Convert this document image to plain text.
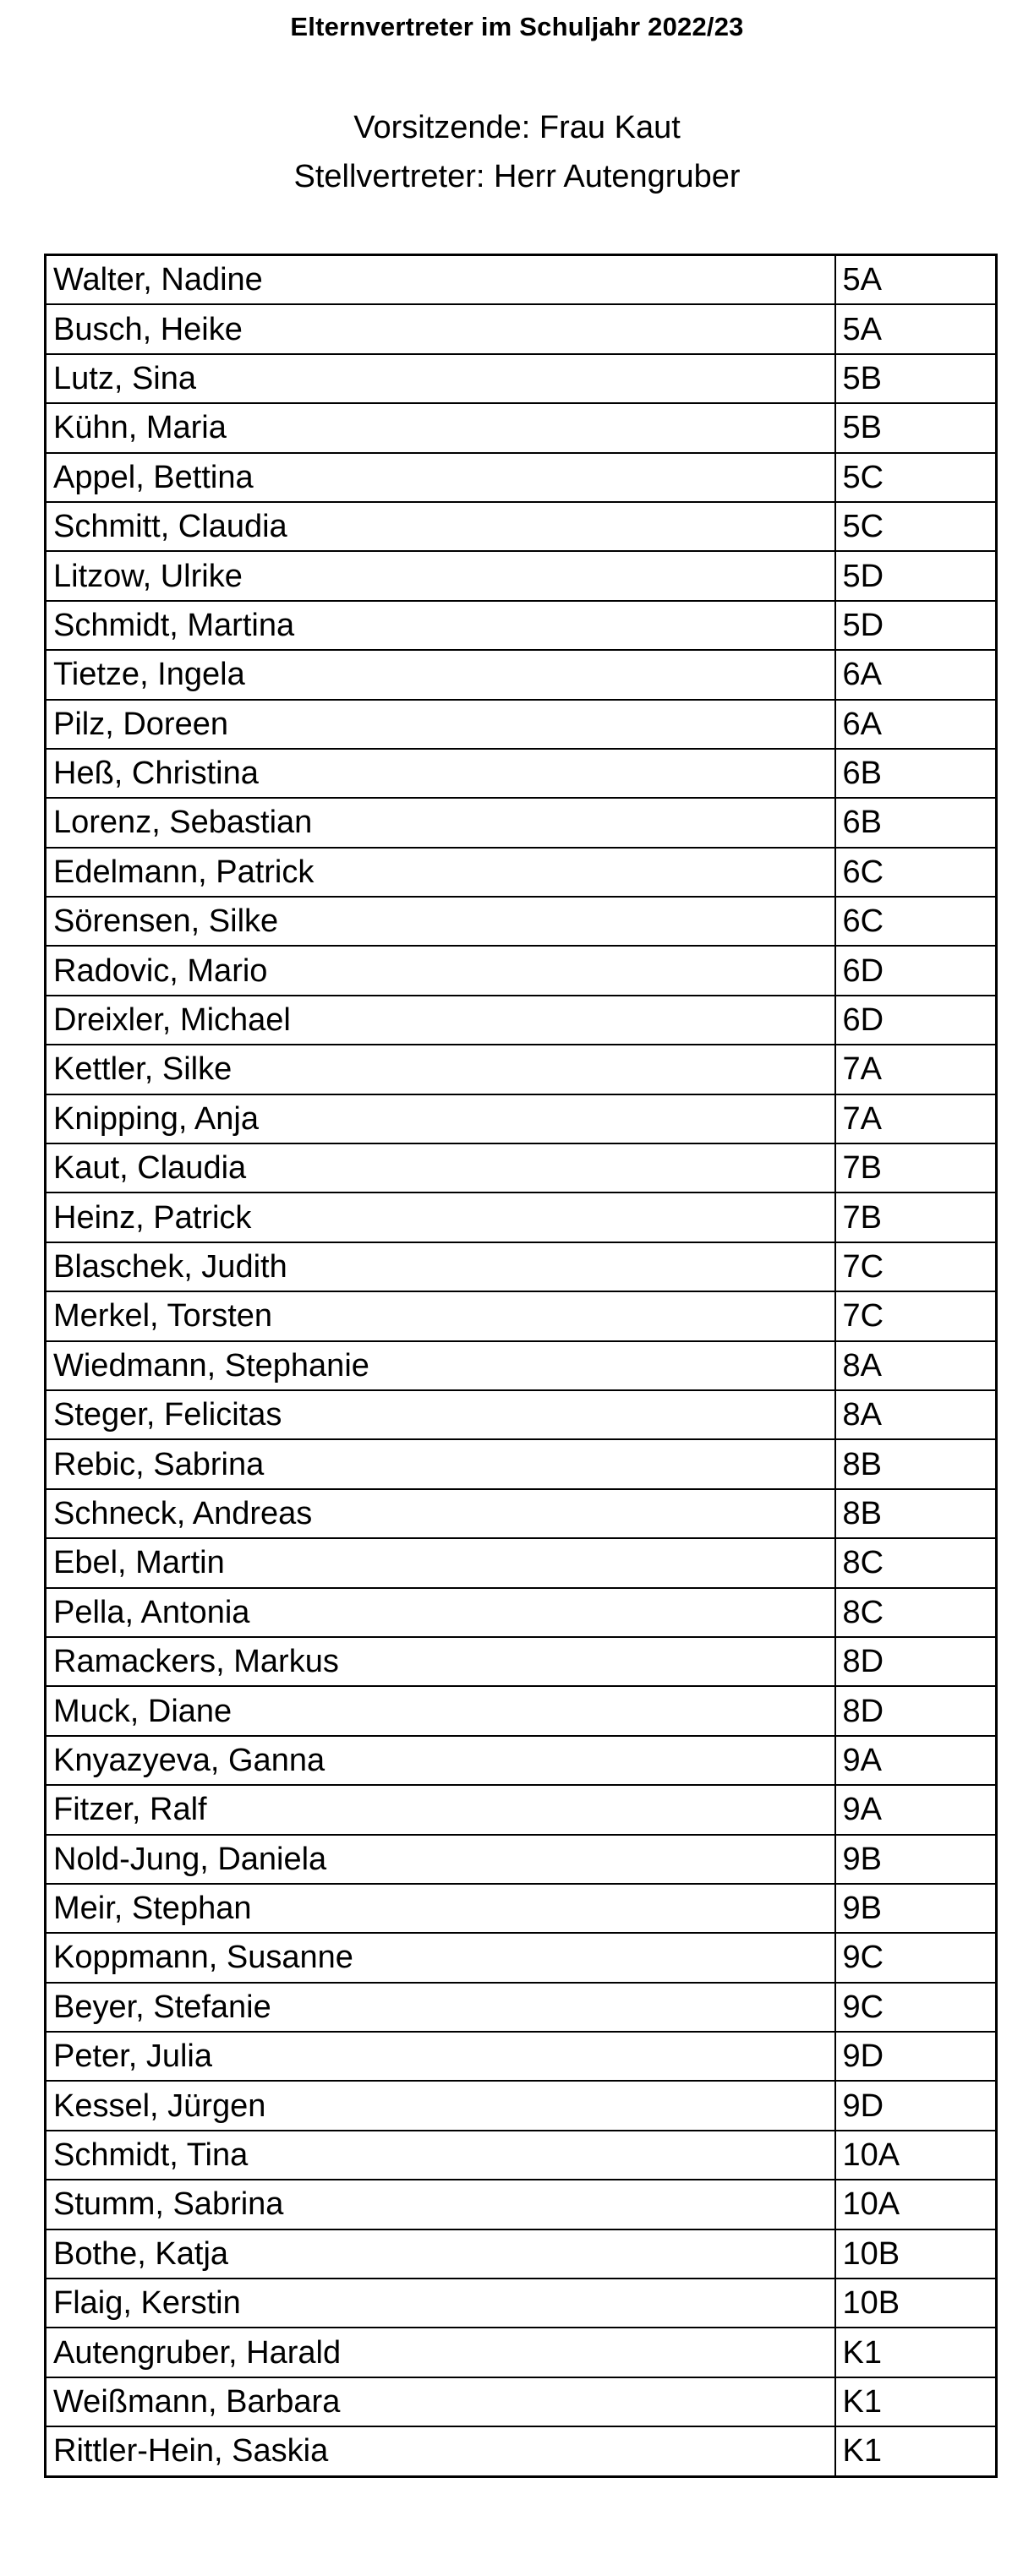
Elternvertreter im Schuljahr 2022/23
Vorsitzende: Frau Kaut
Stellvertreter: Herr Autengruber
Walter, Nadine	5A
Busch, Heike	5A
Lutz, Sina	5B
Kühn, Maria	5B
Appel, Bettina	5C
Schmitt, Claudia	5C
Litzow, Ulrike	5D
Schmidt, Martina	5D
Tietze, Ingela	6A
Pilz, Doreen	6A
Heß, Christina	6B
Lorenz, Sebastian	6B
Edelmann, Patrick	6C
Sörensen, Silke	6C
Radovic, Mario	6D
Dreixler, Michael	6D
Kettler, Silke	7A
Knipping, Anja	7A
Kaut, Claudia	7B
Heinz, Patrick	7B
Blaschek, Judith	7C
Merkel, Torsten	7C
Wiedmann, Stephanie	8A
Steger, Felicitas	8A
Rebic, Sabrina	8B
Schneck, Andreas	8B
Ebel, Martin	8C
Pella, Antonia	8C
Ramackers, Markus	8D
Muck, Diane	8D
Knyazyeva, Ganna	9A
Fitzer, Ralf	9A
Nold-Jung, Daniela	9B
Meir, Stephan	9B
Koppmann, Susanne	9C
Beyer, Stefanie	9C
Peter, Julia	9D
Kessel, Jürgen	9D
Schmidt, Tina	10A
Stumm, Sabrina	10A
Bothe, Katja	10B
Flaig, Kerstin	10B
Autengruber, Harald	K1
Weißmann, Barbara	K1
Rittler-Hein, Saskia	K1
